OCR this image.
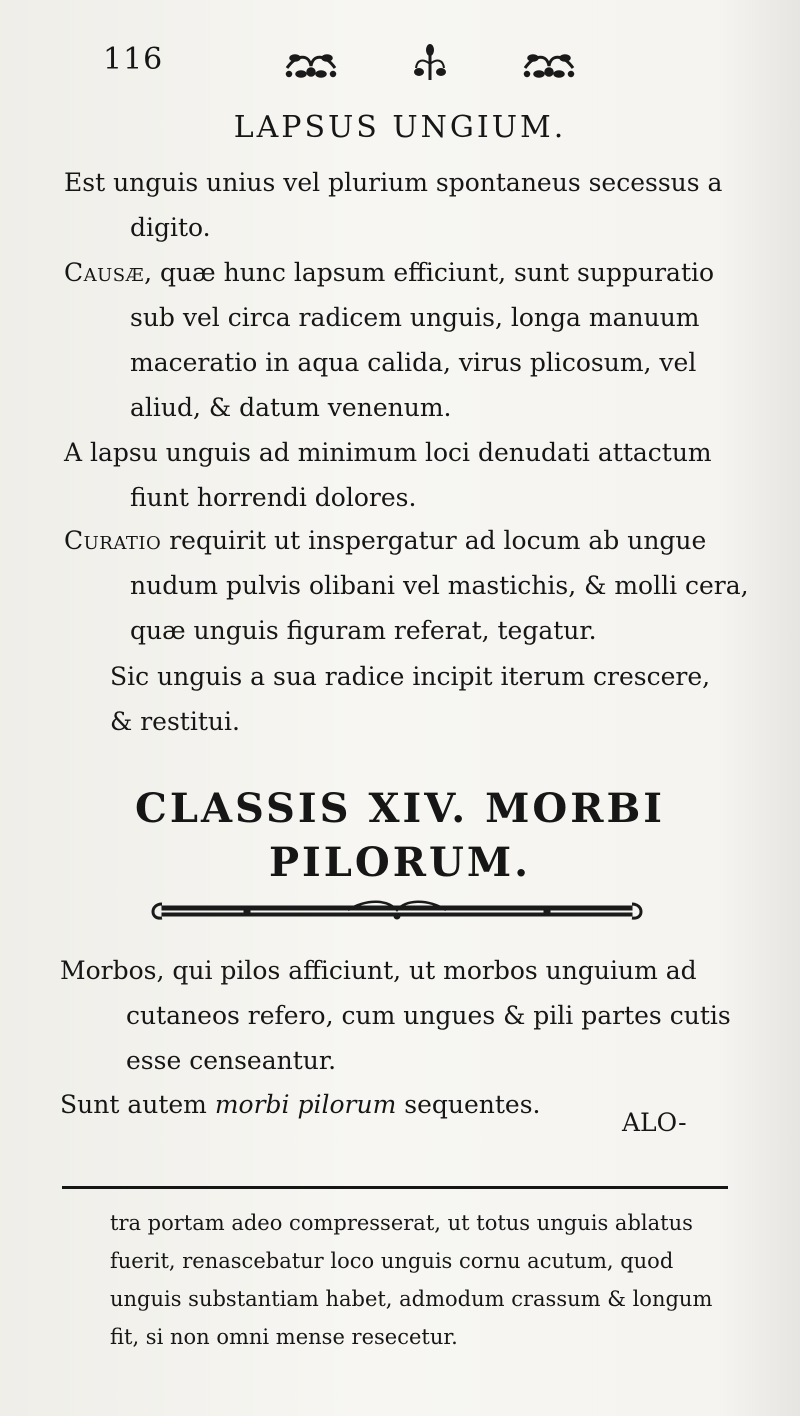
116
LAPSUS UNGIUM.

Est unguis unius vel plurium spontaneus secessus a
digito.

Causæ, quæ hunc lapsum efficiunt, sunt suppuratio
sub vel circa radicem unguis, longa manuum maceratio in aqua calida, virus plicosum, vel aliud, & datum venenum.

A lapsu unguis ad minimum loci denudati attactum
fiunt horrendi dolores.

Curatio requirit ut inspergatur ad locum ab ungue
nudum pulvis olibani vel mastichis, & molli cera, quæ unguis figuram referat, tegatur.

Sic unguis a sua radice incipit iterum crescere,
& restitui.

CLASSIS XIV. MORBI
PILORUM.

Morbos, qui pilos afficiunt, ut morbos unguium ad
cutaneos refero, cum ungues & pili partes cutis esse censeantur.

Sunt autem morbi pilorum sequentes.

ALO-

tra portam adeo compresserat, ut totus unguis ablatus fuerit, renascebatur loco unguis cornu acutum, quod unguis substantiam habet, admodum crassum & longum fit, si non omni mense resecetur.
